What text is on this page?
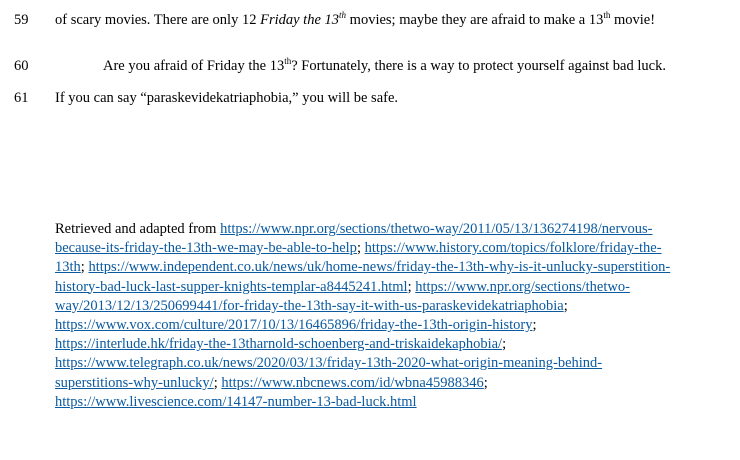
59	of scary movies. There are only 12 Friday the 13th movies; maybe they are afraid to make a 13th movie!
60	Are you afraid of Friday the 13th? Fortunately, there is a way to protect yourself against bad luck.
61	If you can say “paraskevidekatriaphobia,” you will be safe.
Retrieved and adapted from https://www.npr.org/sections/thetwo-way/2011/05/13/136274198/nervous-
because-its-friday-the-13th-we-may-be-able-to-help; https://www.history.com/topics/folklore/friday-the-
13th; https://www.independent.co.uk/news/uk/home-news/friday-the-13th-why-is-it-unlucky-superstition-
history-bad-luck-last-supper-knights-templar-a8445241.html; https://www.npr.org/sections/thetwo-
way/2013/12/13/250699441/for-friday-the-13th-say-it-with-us-paraskevidekatriaphobia;
https://www.vox.com/culture/2017/10/13/16465896/friday-the-13th-origin-history;
https://interlude.hk/friday-the-13tharnold-schoenberg-and-triskaidekaphobia/;
https://www.telegraph.co.uk/news/2020/03/13/friday-13th-2020-what-origin-meaning-behind-
superstitions-why-unlucky/; https://www.nbcnews.com/id/wbna45988346;
https://www.livescience.com/14147-number-13-bad-luck.html
